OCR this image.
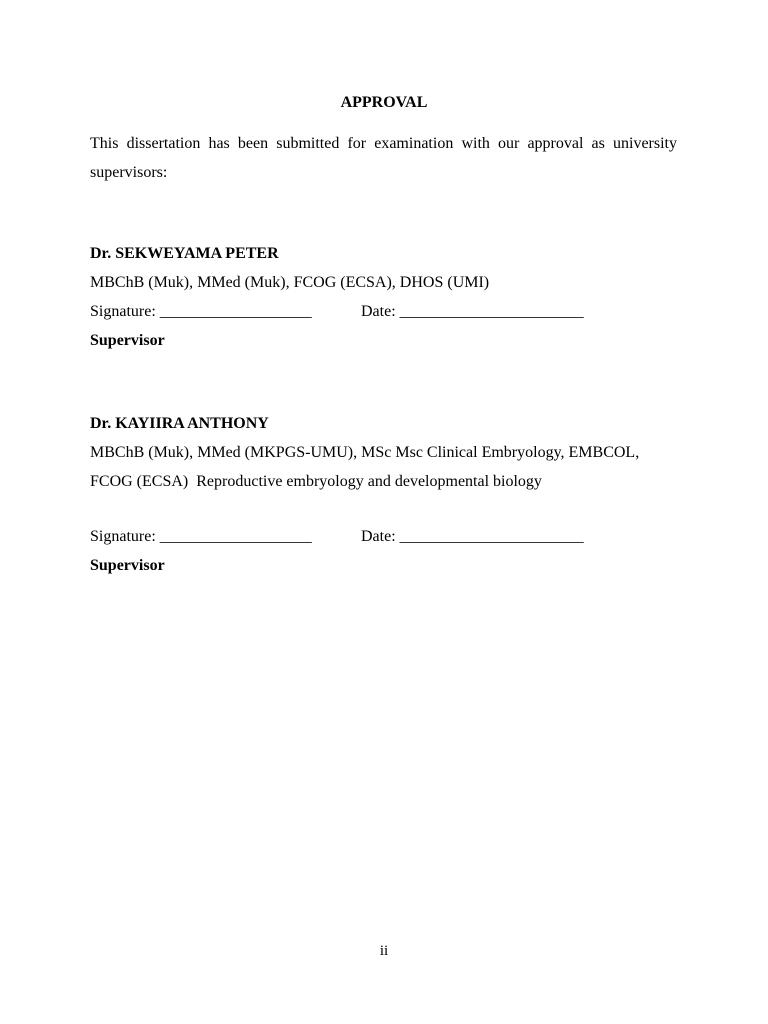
APPROVAL
This dissertation has been submitted for examination with our approval as university supervisors:
Dr. SEKWEYAMA PETER
MBChB (Muk), MMed (Muk), FCOG (ECSA), DHOS (UMI)
Signature: ___________________	Date: _______________________
Supervisor
Dr. KAYIIRA ANTHONY
MBChB (Muk), MMed (MKPGS-UMU), MSc Msc Clinical Embryology, EMBCOL,
FCOG (ECSA)  Reproductive embryology and developmental biology
Signature: ___________________	Date: _______________________
Supervisor
ii
